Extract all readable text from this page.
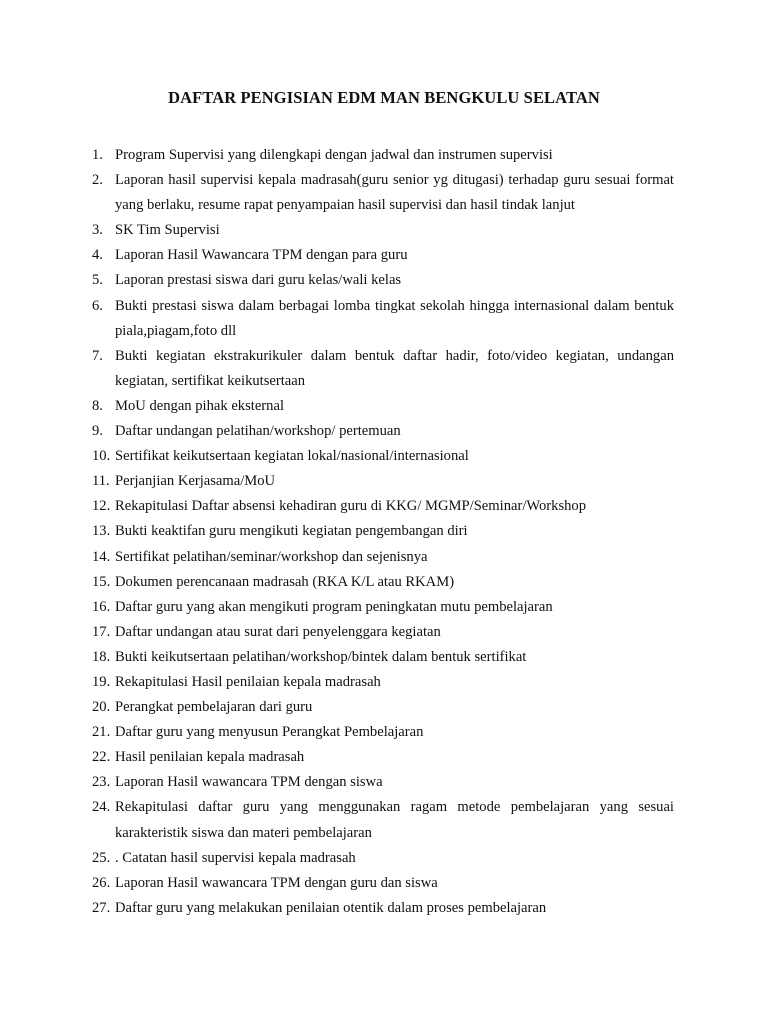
DAFTAR PENGISIAN EDM MAN BENGKULU SELATAN
1. Program Supervisi yang dilengkapi dengan jadwal dan instrumen supervisi
2. Laporan hasil supervisi kepala madrasah(guru senior yg ditugasi) terhadap guru sesuai format yang berlaku, resume rapat penyampaian hasil supervisi dan hasil tindak lanjut
3. SK Tim Supervisi
4. Laporan Hasil Wawancara TPM dengan para guru
5. Laporan prestasi siswa dari guru kelas/wali kelas
6. Bukti prestasi siswa dalam berbagai lomba tingkat sekolah hingga internasional dalam bentuk piala,piagam,foto dll
7. Bukti kegiatan ekstrakurikuler dalam bentuk daftar hadir, foto/video kegiatan, undangan kegiatan, sertifikat keikutsertaan
8. MoU dengan pihak eksternal
9. Daftar undangan pelatihan/workshop/ pertemuan
10. Sertifikat keikutsertaan kegiatan lokal/nasional/internasional
11. Perjanjian Kerjasama/MoU
12. Rekapitulasi Daftar absensi kehadiran guru di KKG/ MGMP/Seminar/Workshop
13. Bukti keaktifan guru mengikuti kegiatan pengembangan diri
14. Sertifikat pelatihan/seminar/workshop dan sejenisnya
15. Dokumen perencanaan madrasah (RKA K/L atau RKAM)
16. Daftar guru yang akan mengikuti program peningkatan mutu pembelajaran
17. Daftar undangan atau surat dari penyelenggara kegiatan
18. Bukti keikutsertaan pelatihan/workshop/bintek dalam bentuk sertifikat
19. Rekapitulasi Hasil penilaian kepala madrasah
20. Perangkat pembelajaran dari guru
21. Daftar guru yang menyusun Perangkat Pembelajaran
22. Hasil penilaian kepala madrasah
23. Laporan Hasil wawancara TPM dengan siswa
24. Rekapitulasi daftar guru yang menggunakan ragam metode pembelajaran yang sesuai karakteristik siswa dan materi pembelajaran
25. . Catatan hasil supervisi kepala madrasah
26. Laporan Hasil wawancara TPM dengan guru dan siswa
27. Daftar guru yang melakukan penilaian otentik dalam proses pembelajaran
